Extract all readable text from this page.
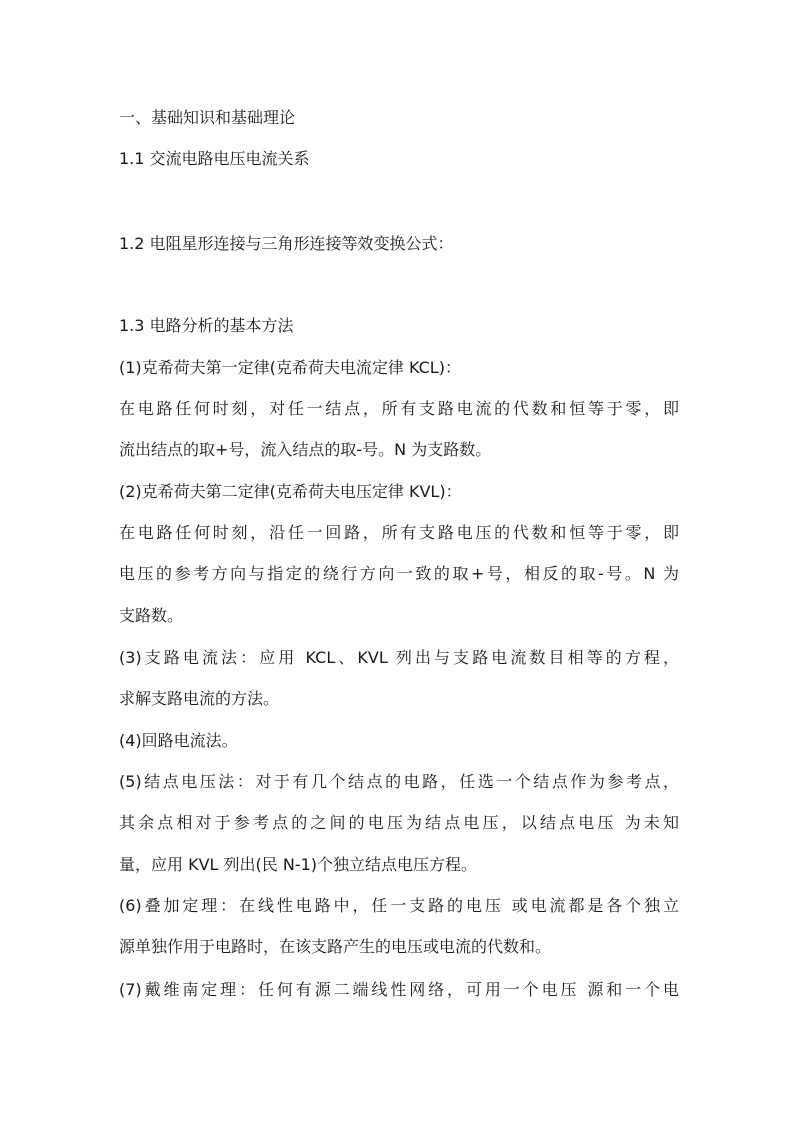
一、基础知识和基础理论
1.1 交流电路电压电流关系
1.2 电阻星形连接与三角形连接等效变换公式：
1.3 电路分析的基本方法
(1)克希荷夫第一定律(克希荷夫电流定律 KCL)：
在电路任何时刻，对任一结点，所有支路电流的代数和恒等于零，即
流出结点的取+号，流入结点的取-号。N 为支路数。
(2)克希荷夫第二定律(克希荷夫电压定律 KVL)：
在电路任何时刻，沿任一回路，所有支路电压的代数和恒等于零，即
电压的参考方向与指定的绕行方向一致的取+号，相反的取-号。N 为
支路数。
(3)支路电流法：应用 KCL、KVL 列出与支路电流数目相等的方程，
求解支路电流的方法。
(4)回路电流法。
(5)结点电压法：对于有几个结点的电路，任选一个结点作为参考点，
其余点相对于参考点的之间的电压为结点电压，以结点电压 为未知
量，应用 KVL 列出(民 N-1)个独立结点电压方程。
(6)叠加定理：在线性电路中，任一支路的电压 或电流都是各个独立
源单独作用于电路时，在该支路产生的电压或电流的代数和。
(7)戴维南定理：任何有源二端线性网络，可用一个电压 源和一个电
